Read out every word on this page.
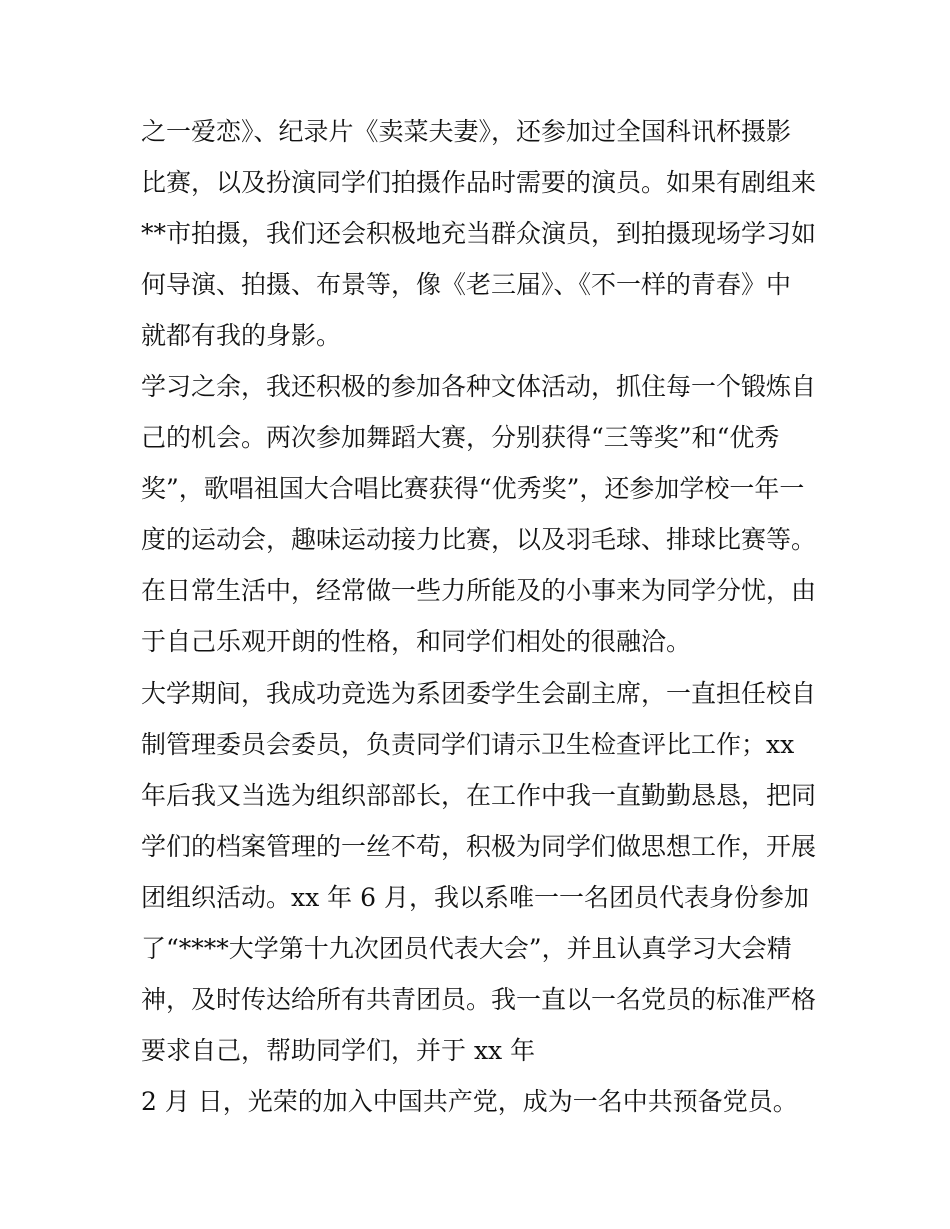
之一爱恋》、纪录片《卖菜夫妻》，还参加过全国科讯杯摄影
比赛，以及扮演同学们拍摄作品时需要的演员。如果有剧组来
**市拍摄，我们还会积极地充当群众演员，到拍摄现场学习如
何导演、拍摄、布景等，像《老三届》、《不一样的青春》中
就都有我的身影。
学习之余，我还积极的参加各种文体活动，抓住每一个锻炼自
己的机会。两次参加舞蹈大赛，分别获得“三等奖”和“优秀
奖”，歌唱祖国大合唱比赛获得“优秀奖”，还参加学校一年一
度的运动会，趣味运动接力比赛，以及羽毛球、排球比赛等。
在日常生活中，经常做一些力所能及的小事来为同学分忧，由
于自己乐观开朗的性格，和同学们相处的很融洽。
大学期间，我成功竞选为系团委学生会副主席，一直担任校自
制管理委员会委员，负责同学们请示卫生检查评比工作；xx
年后我又当选为组织部部长，在工作中我一直勤勤恳恳，把同
学们的档案管理的一丝不苟，积极为同学们做思想工作，开展
团组织活动。xx 年 6 月，我以系唯一一名团员代表身份参加
了“****大学第十九次团员代表大会”，并且认真学习大会精
神，及时传达给所有共青团员。我一直以一名党员的标准严格
要求自己，帮助同学们，并于 xx 年
2 月 日，光荣的加入中国共产党，成为一名中共预备党员。
